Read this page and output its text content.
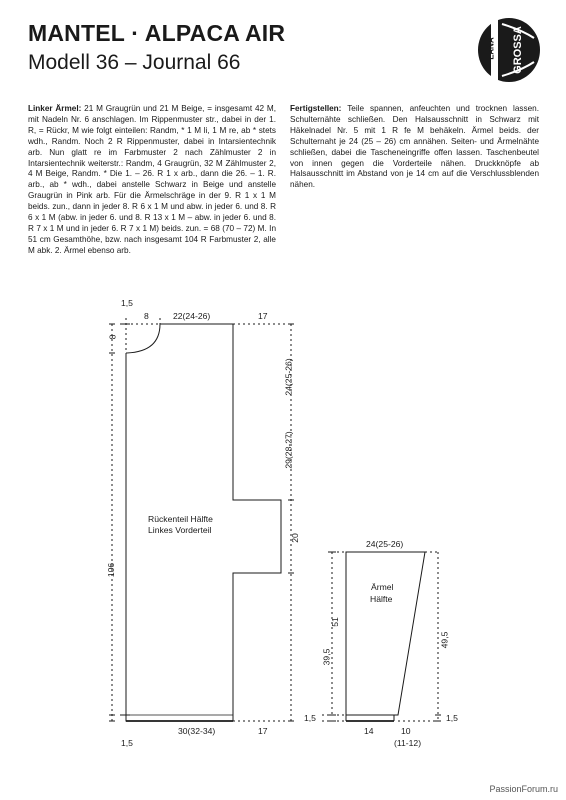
MANTEL · ALPACA AIR
Modell 36 – Journal 66
LANA GROSSA
Linker Ärmel: 21 M Graugrün und 21 M Beige, = insgesamt 42 M, mit Nadeln Nr. 6 anschlagen. Im Rippenmuster str., dabei in der 1. R, = Rückr, M wie folgt einteilen: Randm, * 1 M li, 1 M re, ab * stets wdh., Randm. Noch 2 R Rippenmuster, dabei in Intarsientechnik arb. Nun glatt re im Farbmuster 2 nach Zählmuster 2 in Intarsientechnik weiterstr.: Randm, 4 Graugrün, 32 M Zählmuster 2, 4 M Beige, Randm. * Die 1. – 26. R 1 x arb., dann die 26. – 1. R. arb., ab * wdh., dabei anstelle Schwarz in Beige und anstelle Graugrün in Pink arb. Für die Ärmelschräge in der 9. R 1 x 1 M beids. zun., dann in jeder 8. R 6 x 1 M und abw. in jeder 6. und 8. R 6 x 1 M (abw. in jeder 6. und 8. R 13 x 1 M – abw. in jeder 6. und 8. R 7 x 1 M und in jeder 6. R 7 x 1 M) beids. zun. = 68 (70 – 72) M. In 51 cm Gesamthöhe, bzw. nach insgesamt 104 R Farbmuster 2, alle M abk. 2. Ärmel ebenso arb.
Fertigstellen: Teile spannen, anfeuchten und trocknen lassen. Schulternähte schließen. Den Halsausschnitt in Schwarz mit Häkelnadel Nr. 5 mit 1 R fe M behäkeln. Ärmel beids. der Schulternaht je 24 (25 – 26) cm annähen. Seiten- und Ärmelnähte schließen, dabei die Tascheneingriffe offen lassen. Taschenbeutel von innen gegen die Vorderteile nähen. Druckknöpfe ab Halsausschnitt im Abstand von je 14 cm auf die Verschlussblenden nähen.
1,5
8	22(24-26)	17
8
106
24(25-26)
29(28-27)
20
Rückenteil Hälfte
Linkes Vorderteil
1,5
30(32-34)	17
24(25-26)
Ärmel
Hälfte
51
39,5
49,5
1,5	1,5
14	10
(11-12)
PassionForum.ru
